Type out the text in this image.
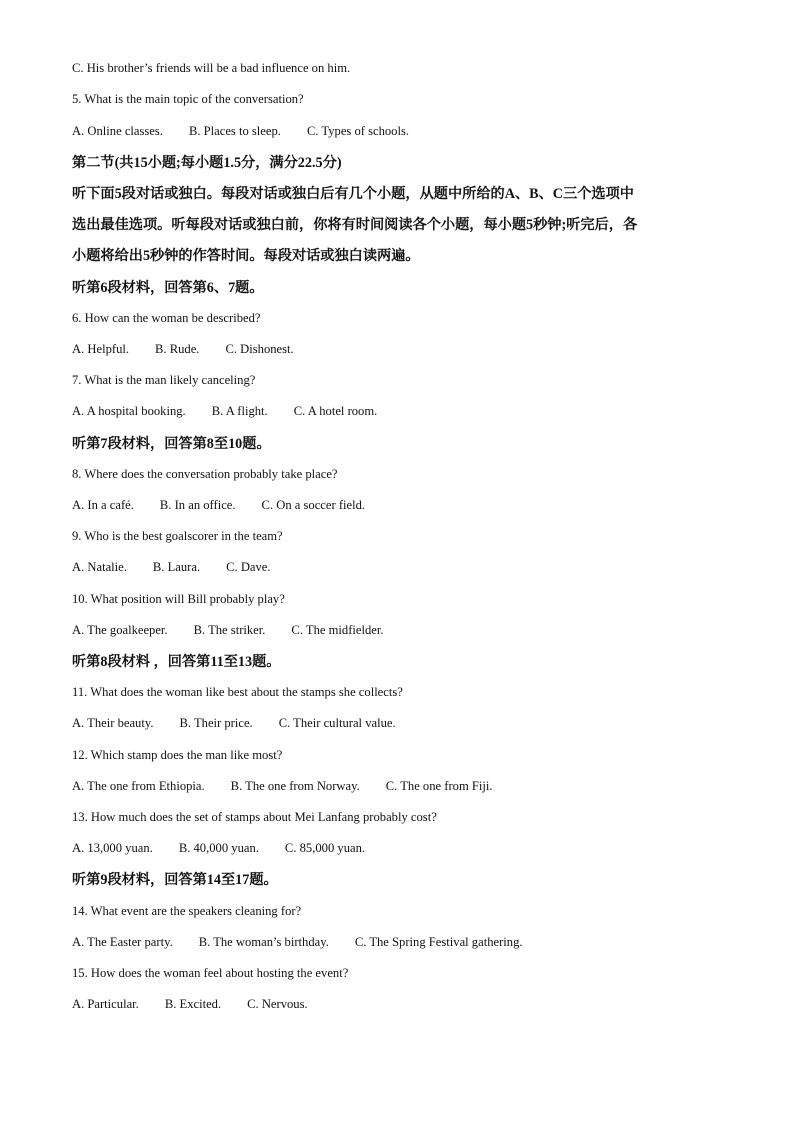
C. His brother’s friends will be a bad influence on him.
5. What is the main topic of the conversation?
A. Online classes. B. Places to sleep. C. Types of schools.
第二节(共15小题;每小题1.5分，满分22.5分)
听下面5段对话或独白。每段对话或独白后有几个小题，从题中所给的A、B、C三个选项中
选出最佳选项。听每段对话或独白前，你将有时间阅读各个小题，每小题5秒钟;听完后，各
小题将给出5秒钟的作答时间。每段对话或独白读两遍。
听第6段材料，回答第6、7题。
6. How can the woman be described?
A. Helpful. B. Rude. C. Dishonest.
7. What is the man likely canceling?
A. A hospital booking. B. A flight. C. A hotel room.
听第7段材料，回答第8至10题。
8. Where does the conversation probably take place?
A. In a café. B. In an office. C. On a soccer field.
9. Who is the best goalscorer in the team?
A. Natalie. B. Laura. C. Dave.
10. What position will Bill probably play?
A. The goalkeeper. B. The striker. C. The midfielder.
听第8段材料 ，回答第11至13题。
11. What does the woman like best about the stamps she collects?
A. Their beauty. B. Their price. C. Their cultural value.
12. Which stamp does the man like most?
A. The one from Ethiopia. B. The one from Norway. C. The one from Fiji.
13. How much does the set of stamps about Mei Lanfang probably cost?
A. 13,000 yuan. B. 40,000 yuan. C. 85,000 yuan.
听第9段材料，回答第14至17题。
14. What event are the speakers cleaning for?
A. The Easter party. B. The woman’s birthday. C. The Spring Festival gathering.
15. How does the woman feel about hosting the event?
A. Particular. B. Excited. C. Nervous.
